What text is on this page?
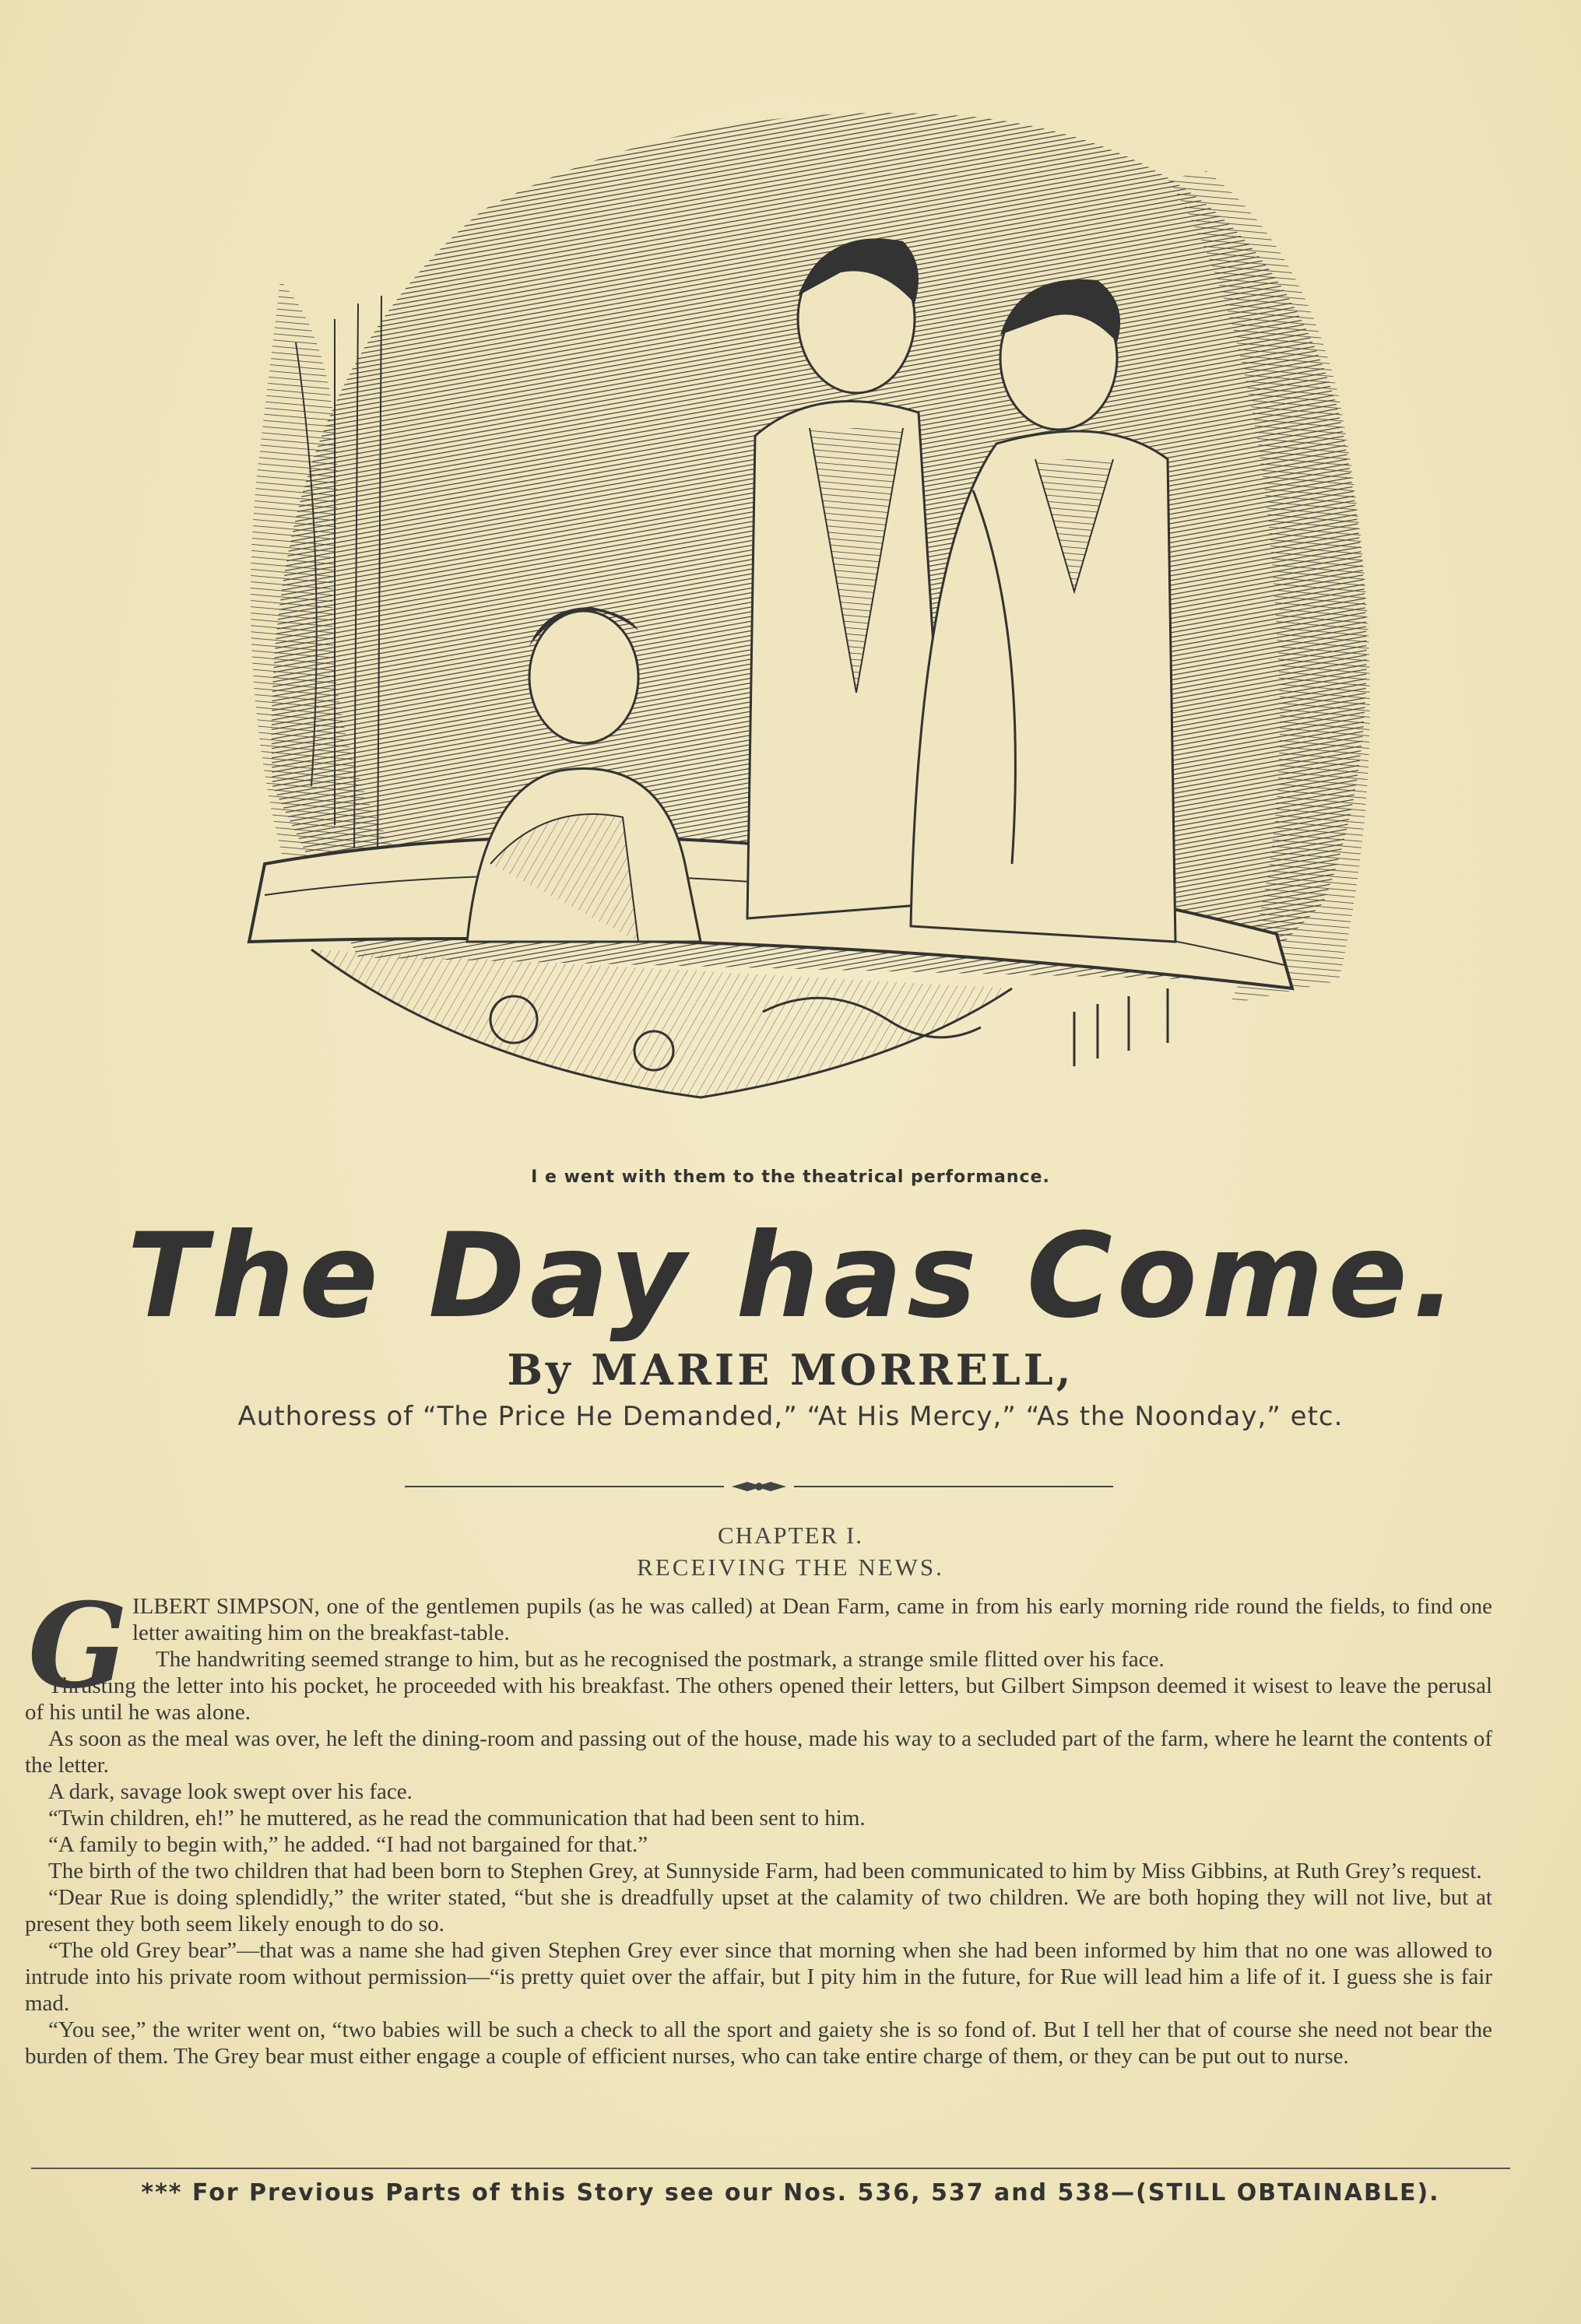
I e went with them to the theatrical performance.
The Day has Come.
By MARIE MORRELL,
Authoress of “The Price He Demanded,” “At His Mercy,” “As the Noonday,” etc.
CHAPTER I.
RECEIVING THE NEWS.
G ILBERT SIMPSON, one of the gentlemen pupils (as he was called) at Dean Farm, came in from his early morning ride round the fields, to find one letter awaiting him on the breakfast-table.

The handwriting seemed strange to him, but as he recognised the postmark, a strange smile flitted over his face.

Thrusting the letter into his pocket, he proceeded with his breakfast. The others opened their letters, but Gilbert Simpson deemed it wisest to leave the perusal of his until he was alone.

As soon as the meal was over, he left the dining-room and passing out of the house, made his way to a secluded part of the farm, where he learnt the contents of the letter.

A dark, savage look swept over his face.

“Twin children, eh!” he muttered, as he read the communication that had been sent to him.

“A family to begin with,” he added. “I had not bargained for that.”

The birth of the two children that had been born to Stephen Grey, at Sunnyside Farm, had been communicated to him by Miss Gibbins, at Ruth Grey’s request.

“Dear Rue is doing splendidly,” the writer stated, “but she is dreadfully upset at the calamity of two children. We are both hoping they will not live, but at present they both seem likely enough to do so.

“The old Grey bear”—that was a name she had given Stephen Grey ever since that morning when she had been informed by him that no one was allowed to intrude into his private room without permission—“is pretty quiet over the affair, but I pity him in the future, for Rue will lead him a life of it. I guess she is fair mad.

“You see,” the writer went on, “two babies will be such a check to all the sport and gaiety she is so fond of. But I tell her that of course she need not bear the burden of them. The Grey bear must either engage a couple of efficient nurses, who can take entire charge of them, or they can be put out to nurse.

*** For Previous Parts of this Story see our Nos. 536, 537 and 538—(STILL OBTAINABLE).
